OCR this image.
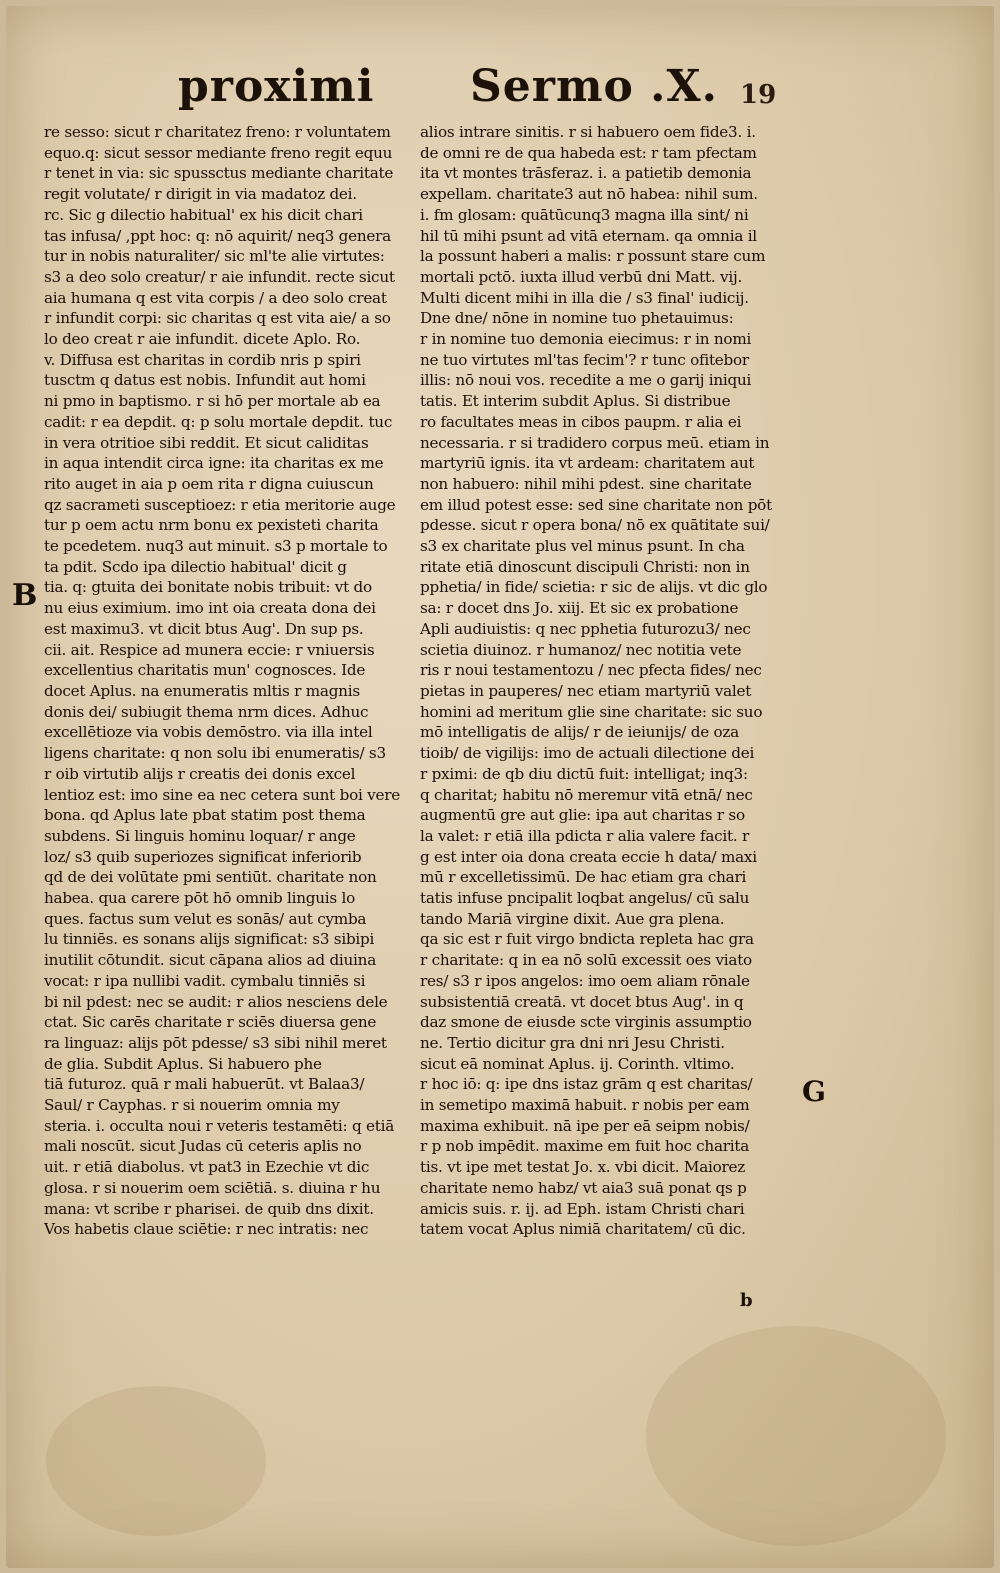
proximi Sermo .X. 19
B
G
re sesso: sicut r charitatez freno: r voluntatem
equo.q: sicut sessor mediante freno regit equu
r tenet in via: sic spussctus mediante charitate
regit volutate/ r dirigit in via madatoz dei.
rc. Sic g dilectio habitual' ex his dicit chari
tas infusa/ ,ppt hoc: q: nō aquirit/ neq3 genera
tur in nobis naturaliter/ sic ml'te alie virtutes:
s3 a deo solo creatur/ r aie infundit. recte sicut
aia humana q est vita corpis / a deo solo creat
r infundit corpi: sic charitas q est vita aie/ a so
lo deo creat r aie infundit. dicete Aplo. Ro.
v. Diffusa est charitas in cordib nris p spiri
tusctm q datus est nobis. Infundit aut homi
ni pmo in baptismo. r si hō per mortale ab ea
cadit: r ea depdit. q: p solu mortale depdit. tuc
in vera otritioe sibi reddit. Et sicut caliditas
in aqua intendit circa igne: ita charitas ex me
rito auget in aia p oem rita r digna cuiuscun
qz sacrameti susceptioez: r etia meritorie auge
tur p oem actu nrm bonu ex pexisteti charita
te pcedetem. nuq3 aut minuit. s3 p mortale to
ta pdit. Scdo ipa dilectio habitual' dicit g
tia. q: gtuita dei bonitate nobis tribuit: vt do
nu eius eximium. imo int oia creata dona dei
est maximu3. vt dicit btus Aug'. Dn sup ps.
cii. ait. Respice ad munera eccie: r vniuersis
excellentius charitatis mun' cognosces. Ide
docet Aplus. na enumeratis mltis r magnis
donis dei/ subiugit thema nrm dices. Adhuc
excellētioze via vobis demōstro. via illa intel
ligens charitate: q non solu ibi enumeratis/ s3
r oib virtutib alijs r creatis dei donis excel
lentioz est: imo sine ea nec cetera sunt boi vere
bona. qd Aplus late pbat statim post thema
subdens. Si linguis hominu loquar/ r ange
loz/ s3 quib superiozes significat inferiorib
qd de dei volūtate pmi sentiūt. charitate non
habea. qua carere pōt hō omnib linguis lo
ques. factus sum velut es sonās/ aut cymba
lu tinniēs. es sonans alijs significat: s3 sibipi
inutilit cōtundit. sicut cāpana alios ad diuina
vocat: r ipa nullibi vadit. cymbalu tinniēs si
bi nil pdest: nec se audit: r alios nesciens dele
ctat. Sic carēs charitate r sciēs diuersa gene
ra linguaz: alijs pōt pdesse/ s3 sibi nihil meret
de glia. Subdit Aplus. Si habuero phe
tiā futuroz. quā r mali habuerūt. vt Balaa3/
Saul/ r Cayphas. r si nouerim omnia my
steria. i. occulta noui r veteris testamēti: q etiā
mali noscūt. sicut Judas cū ceteris aplis no
uit. r etiā diabolus. vt pat3 in Ezechie vt dic
glosa. r si nouerim oem sciētiā. s. diuina r hu
mana: vt scribe r pharisei. de quib dns dixit.
Vos habetis claue sciētie: r nec intratis: nec
alios intrare sinitis. r si habuero oem fide3. i.
de omni re de qua habeda est: r tam pfectam
ita vt montes trāsferaz. i. a patietib demonia
expellam. charitate3 aut nō habea: nihil sum.
i. fm glosam: quātūcunq3 magna illa sint/ ni
hil tū mihi psunt ad vitā eternam. qa omnia il
la possunt haberi a malis: r possunt stare cum
mortali pctō. iuxta illud verbū dni Matt. vij.
Multi dicent mihi in illa die / s3 final' iudicij.
Dne dne/ nōne in nomine tuo phetauimus:
r in nomine tuo demonia eiecimus: r in nomi
ne tuo virtutes ml'tas fecim'? r tunc ofitebor
illis: nō noui vos. recedite a me o garij iniqui
tatis. Et interim subdit Aplus. Si distribue
ro facultates meas in cibos paupm. r alia ei
necessaria. r si tradidero corpus meū. etiam in
martyriū ignis. ita vt ardeam: charitatem aut
non habuero: nihil mihi pdest. sine charitate
em illud potest esse: sed sine charitate non pōt
pdesse. sicut r opera bona/ nō ex quātitate sui/
s3 ex charitate plus vel minus psunt. In cha
ritate etiā dinoscunt discipuli Christi: non in
pphetia/ in fide/ scietia: r sic de alijs. vt dic glo
sa: r docet dns Jo. xiij. Et sic ex probatione
Apli audiuistis: q nec pphetia futurozu3/ nec
scietia diuinoz. r humanoz/ nec notitia vete
ris r noui testamentozu / nec pfecta fides/ nec
pietas in pauperes/ nec etiam martyriū valet
homini ad meritum glie sine charitate: sic suo
mō intelligatis de alijs/ r de ieiunijs/ de oza
tioib/ de vigilijs: imo de actuali dilectione dei
r pximi: de qb diu dictū fuit: intelligat; inq3:
q charitat; habitu nō meremur vitā etnā/ nec
augmentū gre aut glie: ipa aut charitas r so
la valet: r etiā illa pdicta r alia valere facit. r
g est inter oia dona creata eccie h data/ maxi
mū r excelletissimū. De hac etiam gra chari
tatis infuse pncipalit loqbat angelus/ cū salu
tando Mariā virgine dixit. Aue gra plena.
qa sic est r fuit virgo bndicta repleta hac gra
r charitate: q in ea nō solū excessit oes viato
res/ s3 r ipos angelos: imo oem aliam rōnale
subsistentiā creatā. vt docet btus Aug'. in q
daz smone de eiusde scte virginis assumptio
ne. Tertio dicitur gra dni nri Jesu Christi.
sicut eā nominat Aplus. ij. Corinth. vltimo.
r hoc iō: q: ipe dns istaz grām q est charitas/
in semetipo maximā habuit. r nobis per eam
maxima exhibuit. nā ipe per eā seipm nobis/
r p nob impēdit. maxime em fuit hoc charita
tis. vt ipe met testat Jo. x. vbi dicit. Maiorez
charitate nemo habz/ vt aia3 suā ponat qs p
amicis suis. r. ij. ad Eph. istam Christi chari
tatem vocat Aplus nimiā charitatem/ cū dic.
b
